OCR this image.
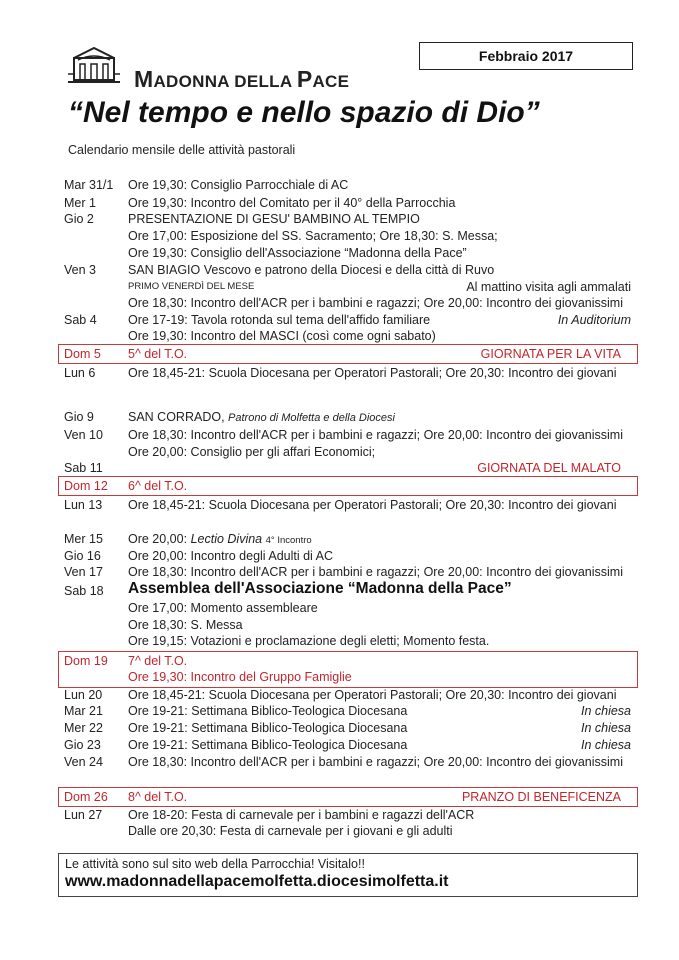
MADONNA DELLA PACE
Febbraio 2017
“Nel tempo e nello spazio di Dio”
Calendario mensile delle attività pastorali
Mar 31/1 Ore 19,30: Consiglio Parrocchiale di AC
Mer 1	Ore 19,30: Incontro del Comitato per il 40° della Parrocchia
Gio 2	PRESENTAZIONE DI GESU' BAMBINO AL TEMPIO
Ore 17,00: Esposizione del SS. Sacramento; Ore 18,30: S. Messa;
Ore 19,30: Consiglio dell'Associazione “Madonna della Pace”
Ven 3	SAN BIAGIO Vescovo e patrono della Diocesi e della città di Ruvo
PRIMO VENERDÌ DEL MESE	Al mattino visita agli ammalati
Ore 18,30: Incontro dell'ACR per i bambini e ragazzi; Ore 20,00: Incontro dei giovanissimi
Sab 4	Ore 17-19: Tavola rotonda sul tema dell'affido familiare	In Auditorium
Ore 19,30: Incontro del MASCI (così come ogni sabato)
Dom 5 5^ del T.O.	GIORNATA PER LA VITA
Lun 6	Ore 18,45-21: Scuola Diocesana per Operatori Pastorali; Ore 20,30: Incontro dei giovani
Gio 9	SAN CORRADO, Patrono di Molfetta e della Diocesi
Ven 10 Ore 18,30: Incontro dell'ACR per i bambini e ragazzi; Ore 20,00: Incontro dei giovanissimi
Ore 20,00: Consiglio per gli affari Economici;
Sab 11	GIORNATA DEL MALATO
Dom 12 6^ del T.O.
Lun 13 Ore 18,45-21: Scuola Diocesana per Operatori Pastorali; Ore 20,30: Incontro dei giovani
Mer 15 Ore 20,00: Lectio Divina 4° Incontro
Gio 16 Ore 20,00: Incontro degli Adulti di AC
Ven 17 Ore 18,30: Incontro dell'ACR per i bambini e ragazzi; Ore 20,00: Incontro dei giovanissimi
Sab 18 Assemblea dell'Associazione “Madonna della Pace”
Ore 17,00: Momento assembleare
Ore 18,30: S. Messa
Ore 19,15: Votazioni e proclamazione degli eletti; Momento festa.
Dom 19 7^ del T.O.
Ore 19,30: Incontro del Gruppo Famiglie
Lun 20 Ore 18,45-21: Scuola Diocesana per Operatori Pastorali; Ore 20,30: Incontro dei giovani
Mar 21 Ore 19-21: Settimana Biblico-Teologica Diocesana	In chiesa
Mer 22 Ore 19-21: Settimana Biblico-Teologica Diocesana	In chiesa
Gio 23 Ore 19-21: Settimana Biblico-Teologica Diocesana	In chiesa
Ven 24 Ore 18,30: Incontro dell'ACR per i bambini e ragazzi; Ore 20,00: Incontro dei giovanissimi
Dom 26 8^ del T.O.	PRANZO DI BENEFICENZA
Lun 27 Ore 18-20: Festa di carnevale per i bambini e ragazzi dell'ACR
Dalle ore 20,30: Festa di carnevale per i giovani e gli adulti
Le attività sono sul sito web della Parrocchia! Visitalo!!
www.madonnadellapacemolfetta.diocesimolfetta.it
